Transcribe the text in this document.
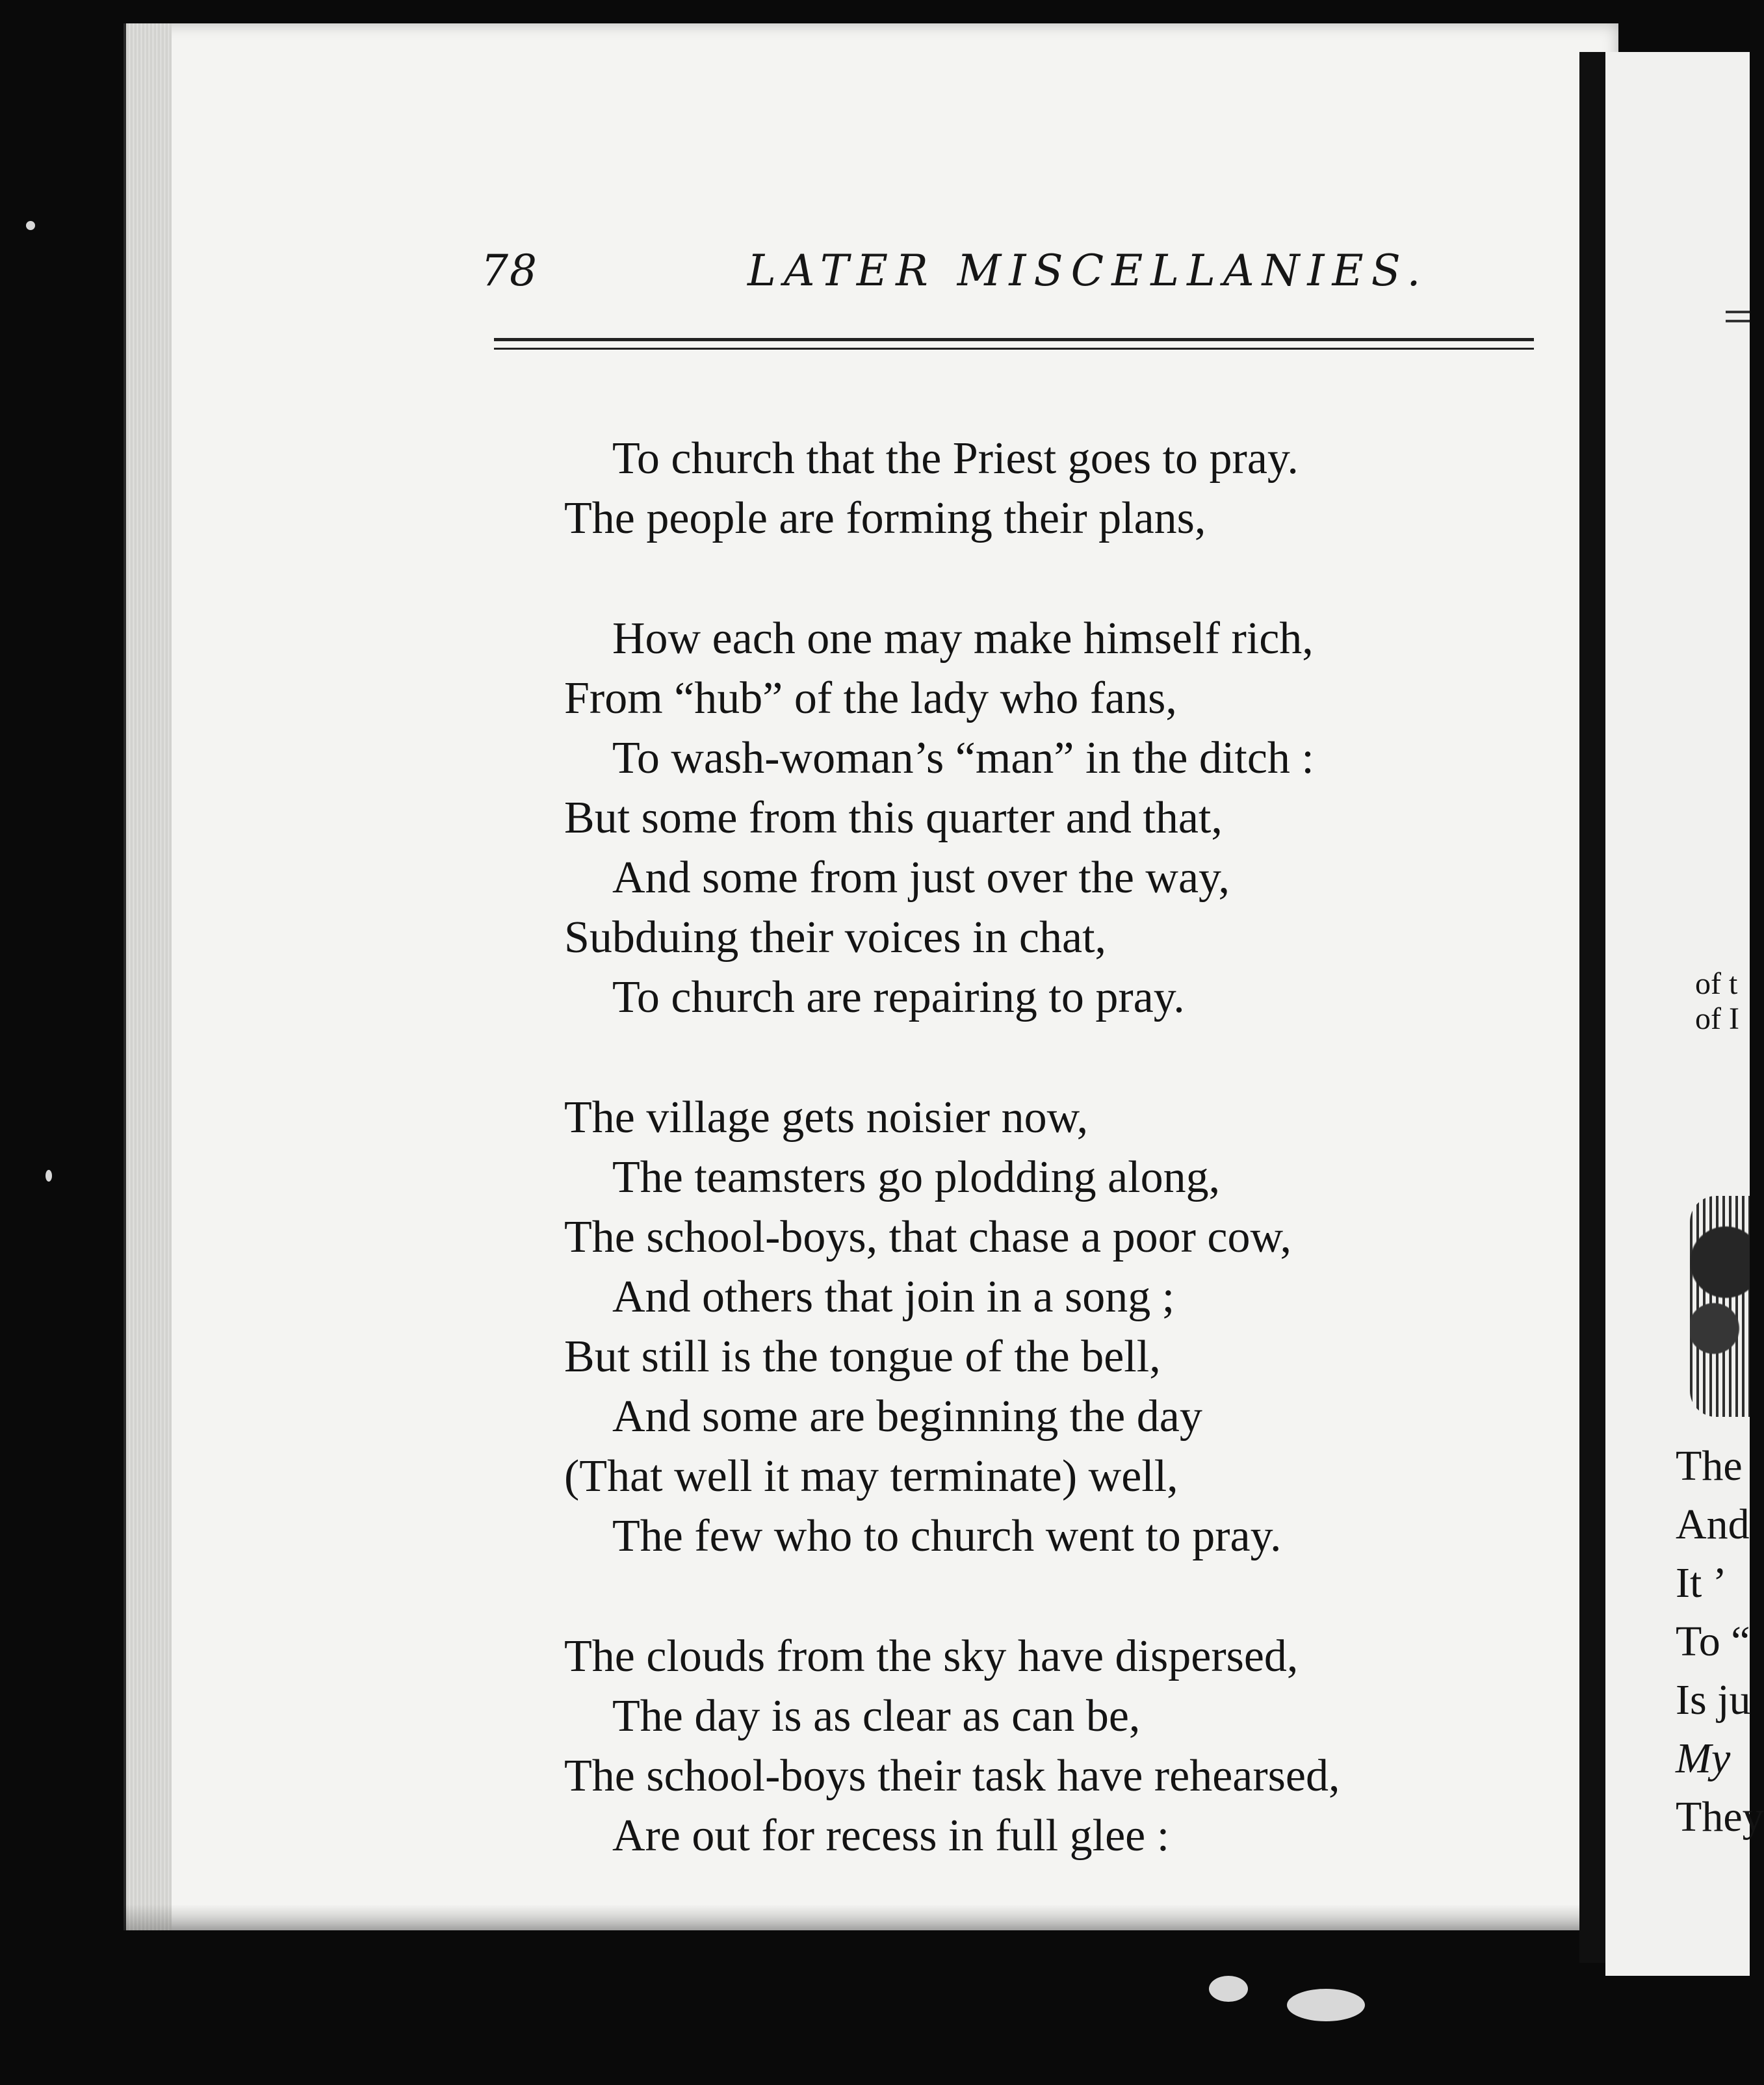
78	LATER MISCELLANIES.
To church that the Priest goes to pray.
The people are forming their plans,
How each one may make himself rich,
From “hub” of the lady who fans,
To wash-woman’s “man” in the ditch :
But some from this quarter and that,
And some from just over the way,
Subduing their voices in chat,
To church are repairing to pray.
The village gets noisier now,
The teamsters go plodding along,
The school-boys, that chase a poor cow,
And others that join in a song ;
But still is the tongue of the bell,
And some are beginning the day
(That well it may terminate) well,
The few who to church went to pray.
The clouds from the sky have dispersed,
The day is as clear as can be,
The school-boys their task have rehearsed,
Are out for recess in full glee :
of t
of I
The
And
It ’
To “
Is ju
My
They
